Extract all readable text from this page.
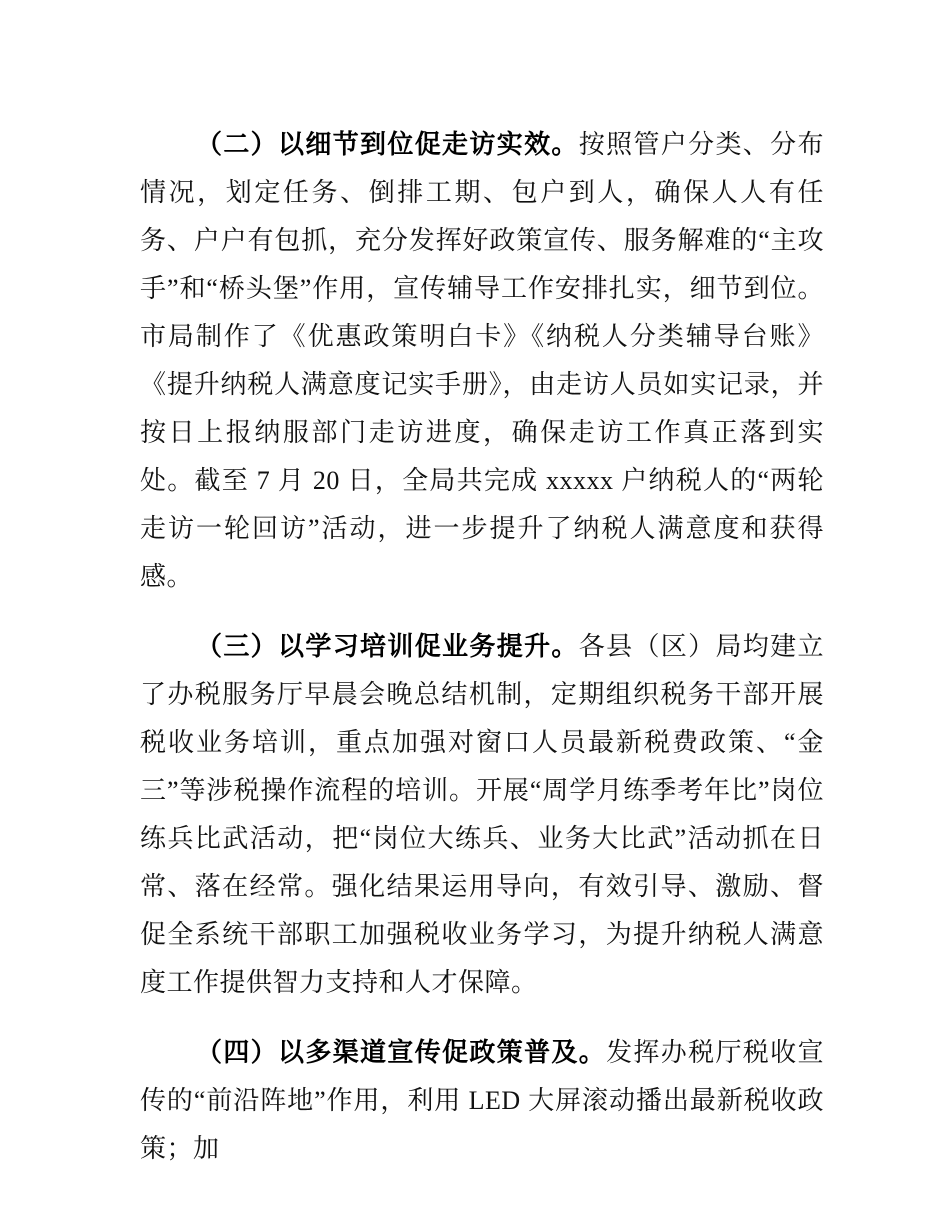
（二）以细节到位促走访实效。按照管户分类、分布情况，划定任务、倒排工期、包户到人，确保人人有任务、户户有包抓，充分发挥好政策宣传、服务解难的“主攻手”和“桥头堡”作用，宣传辅导工作安排扎实，细节到位。市局制作了《优惠政策明白卡》《纳税人分类辅导台账》《提升纳税人满意度记实手册》，由走访人员如实记录，并按日上报纳服部门走访进度，确保走访工作真正落到实处。截至 7 月 20 日，全局共完成 xxxxx 户纳税人的“两轮走访一轮回访”活动，进一步提升了纳税人满意度和获得感。

（三）以学习培训促业务提升。各县（区）局均建立了办税服务厅早晨会晚总结机制，定期组织税务干部开展税收业务培训，重点加强对窗口人员最新税费政策、“金三”等涉税操作流程的培训。开展“周学月练季考年比”岗位练兵比武活动，把“岗位大练兵、业务大比武”活动抓在日常、落在经常。强化结果运用导向，有效引导、激励、督促全系统干部职工加强税收业务学习，为提升纳税人满意度工作提供智力支持和人才保障。

（四）以多渠道宣传促政策普及。发挥办税厅税收宣传的“前沿阵地”作用，利用 LED 大屏滚动播出最新税收政策；加
